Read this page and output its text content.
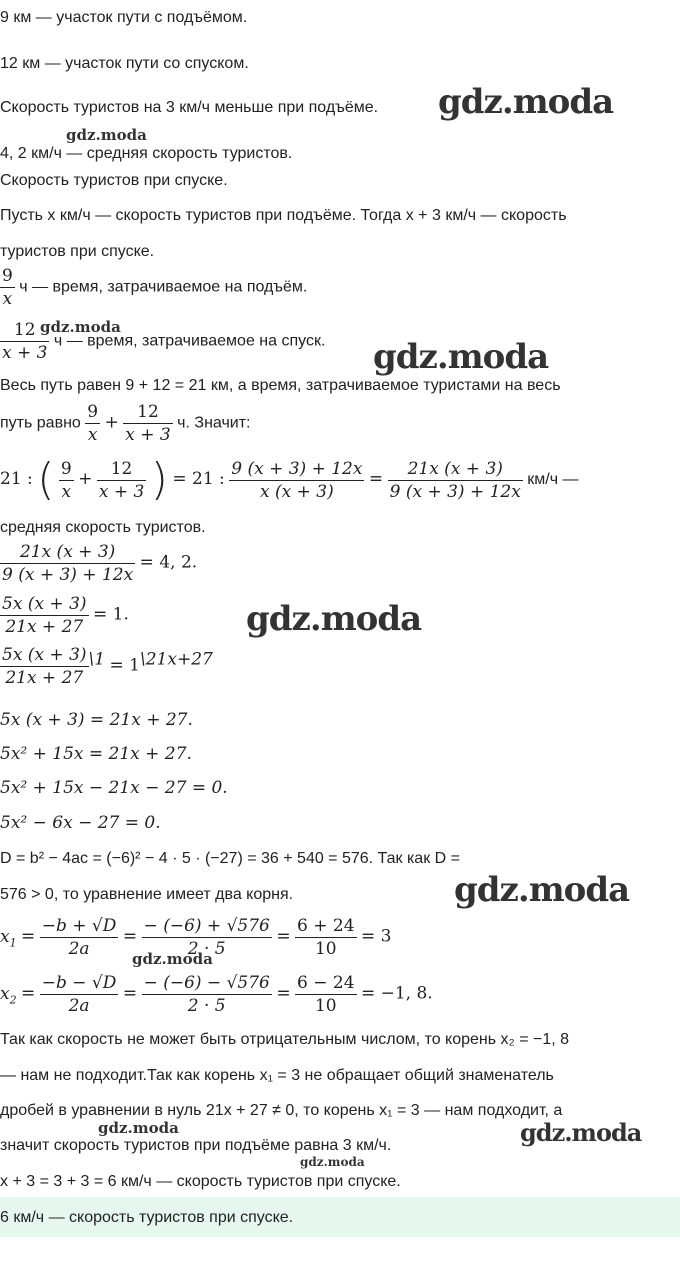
9 км — участок пути с подъёмом.
12 км — участок пути со спуском.
Скорость туристов на 3 км/ч меньше при подъёме.
4, 2 км/ч — средняя скорость туристов.
Скорость туристов при спуске.
Пусть x км/ч — скорость туристов при подъёме. Тогда x + 3 км/ч — скорость
туристов при спуске.
$\frac{9}{x}$ ч — время, затрачиваемое на подъём.
$\frac{12}{x + 3}$ ч — время, затрачиваемое на спуск.
Весь путь равен 9 + 12 = 21 км, а время, затрачиваемое туристами на весь
путь равно $\frac{9}{x} + \frac{12}{x + 3} ч$. Значит:
21 : ( $\frac{9}{x} + \frac{12}{x + 3}$ ) = 21 : $\frac{9 (x + 3) + 12x}{x (x + 3)} = \frac{21x (x + 3)}{9 (x + 3) + 12x} км/ч$ —
средняя скорость туристов.
$\frac{21x (x + 3)}{9 (x + 3) + 12x} = 4$, 2.
$\frac{5x (x + 3)}{21x + 27} = 1$.
$\frac{5x (x + 3)}{21x + 27} ^{\backslash 1} = 1^{\backslash 21x+27}$
5x (x + 3) = 21x + 27.
5x² + 15x = 21x + 27.
5x² + 15x − 21x − 27 = 0.
5x² − 6x − 27 = 0.
D = b² − 4ac = (−6)² − 4 · 5 · (−27) = 36 + 540 = 576. Так как D =
576 > 0, то уравнение имеет два корня.
$x_1 = \frac{-b + √D}{2a} = \frac{- (-6) + √576}{2 \cdot 5} = \frac{6 + 24}{10} = 3$
$x_2 = \frac{-b - √D}{2a} = \frac{- (-6) - √576}{2 \cdot 5} = \frac{6 - 24}{10} = -1$, 8.
Так как скорость не может быть отрицательным числом, то корень x₂ = −1, 8
— нам не подходит.Так как корень x₁ = 3 не обращает общий знаменатель
дробей в уравнении в нуль 21x + 27 ≠ 0, то корень x₁ = 3 — нам подходит, а
значит скорость туристов при подъёме равна 3 км/ч.
x + 3 = 3 + 3 = 6 км/ч — скорость туристов при спуске.
6 км/ч — скорость туристов при спуске.
gdz.moda
gdz.moda
gdz.moda
gdz.moda
gdz.moda
gdz.moda
gdz.moda
gdz.moda	gdz.moda
gdz.moda
